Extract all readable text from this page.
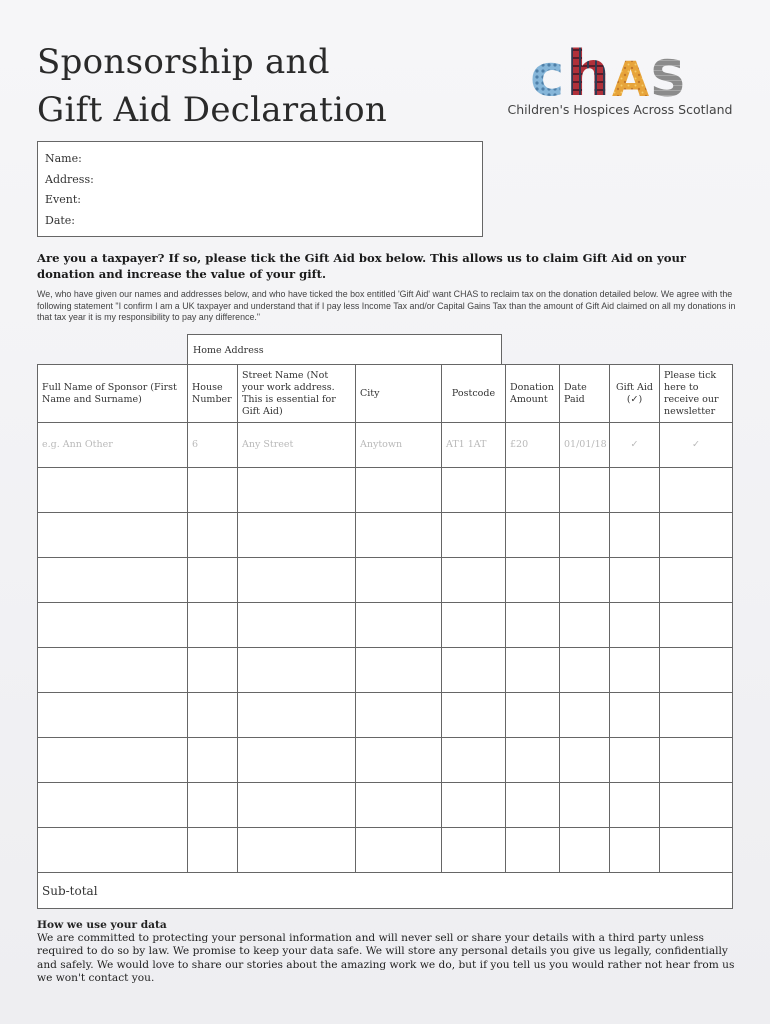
Sponsorship and
Gift Aid Declaration
c h A S
Children's Hospices Across Scotland
Name:
Address:
Event:
Date:

Are you a taxpayer? If so, please tick the Gift Aid box below. This allows us to claim Gift Aid on your donation and increase the value of your gift.

We, who have given our names and addresses below, and who have ticked the box entitled 'Gift Aid' want CHAS to reclaim tax on the donation detailed below. We agree with the following statement "I confirm I am a UK taxpayer and understand that if I pay less Income Tax and/or Capital Gains Tax than the amount of Gift Aid claimed on all my donations in that tax year it is my responsibility to pay any difference."

Home Address
Full Name of Sponsor (First Name and Surname)	House Number	Street Name (Not your work address. This is essential for Gift Aid)	City	Postcode	Donation Amount	Date Paid	Gift Aid (✓)	Please tick here to receive our newsletter
e.g. Ann Other	6	Any Street	Anytown	AT1 1AT	£20	01/01/18	✓	✓

Sub-total								
How we use your data
We are committed to protecting your personal information and will never sell or share your details with a third party unless required to do so by law. We promise to keep your data safe. We will store any personal details you give us legally, confidentially and safely. We would love to share our stories about the amazing work we do, but if you tell us you would rather not hear from us we won't contact you.
